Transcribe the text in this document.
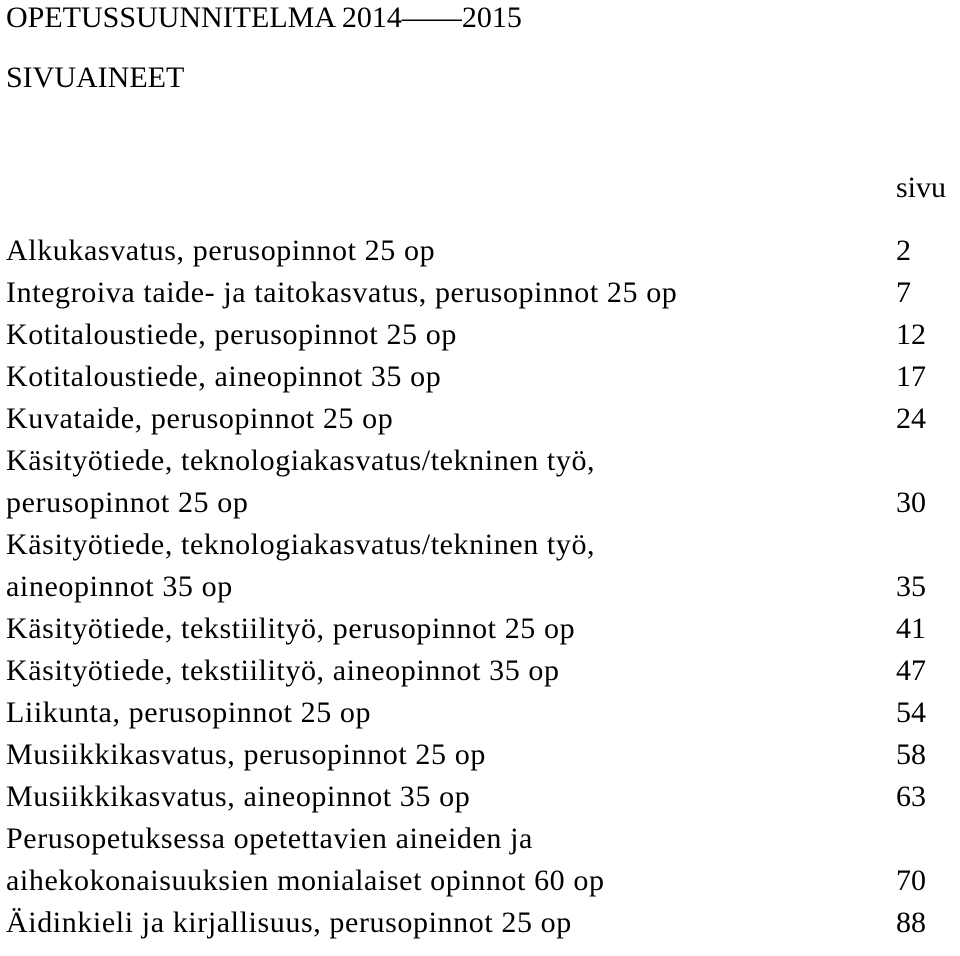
OPETUSSUUNNITELMA 2014——2015
SIVUAINEET
sivu
Alkukasvatus, perusopinnot 25 op	2
Integroiva taide- ja taitokasvatus, perusopinnot 25 op	7
Kotitaloustiede, perusopinnot 25 op	12
Kotitaloustiede, aineopinnot 35 op	17
Kuvataide, perusopinnot 25 op	24
Käsityötiede, teknologiakasvatus/tekninen työ,
perusopinnot 25 op	30
Käsityötiede, teknologiakasvatus/tekninen työ,
aineopinnot 35 op	35
Käsityötiede, tekstiilityö, perusopinnot 25 op	41
Käsityötiede, tekstiilityö, aineopinnot 35 op	47
Liikunta, perusopinnot 25 op	54
Musiikkikasvatus, perusopinnot 25 op	58
Musiikkikasvatus, aineopinnot 35 op	63
Perusopetuksessa opetettavien aineiden ja
aihekokonaisuuksien monialaiset opinnot 60 op	70
Äidinkieli ja kirjallisuus, perusopinnot 25 op	88
